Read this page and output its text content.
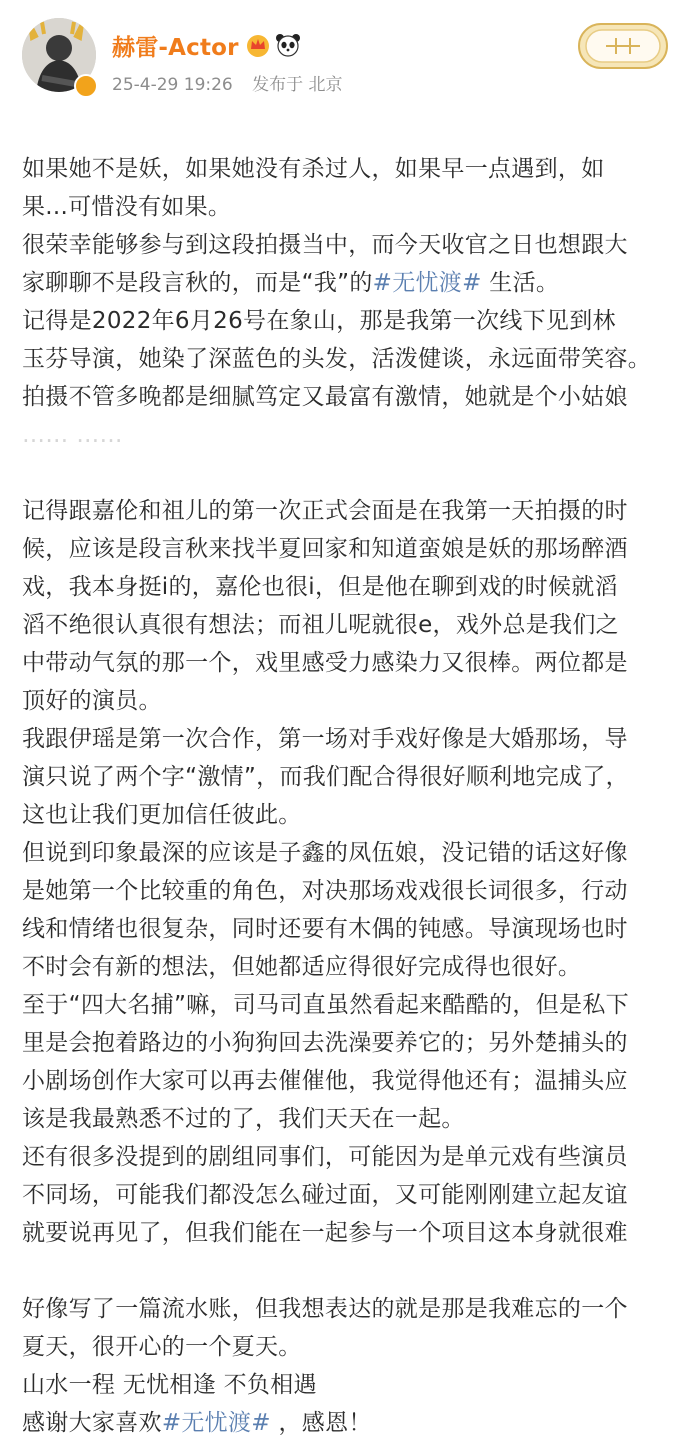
赫雷-Actor
25-4-29 19:26 发布于 北京
如果她不是妖，如果她没有杀过人，如果早一点遇到，如
果...可惜没有如果。
很荣幸能够参与到这段拍摄当中，而今天收官之日也想跟大
家聊聊不是段言秋的，而是“我”的#无忧渡# 生活。
记得是2022年6月26号在象山，那是我第一次线下见到林
玉芬导演，她染了深蓝色的头发，活泼健谈，永远面带笑容。
拍摄不管多晚都是细腻笃定又最富有激情，她就是个小姑娘
…… ……
记得跟嘉伦和祖儿的第一次正式会面是在我第一天拍摄的时
候，应该是段言秋来找半夏回家和知道蛮娘是妖的那场醉酒
戏，我本身挺i的，嘉伦也很i，但是他在聊到戏的时候就滔
滔不绝很认真很有想法；而祖儿呢就很e，戏外总是我们之
中带动气氛的那一个，戏里感受力感染力又很棒。两位都是
顶好的演员。
我跟伊瑶是第一次合作，第一场对手戏好像是大婚那场，导
演只说了两个字“激情”，而我们配合得很好顺利地完成了，
这也让我们更加信任彼此。
但说到印象最深的应该是子鑫的凤伍娘，没记错的话这好像
是她第一个比较重的角色，对决那场戏戏很长词很多，行动
线和情绪也很复杂，同时还要有木偶的钝感。导演现场也时
不时会有新的想法，但她都适应得很好完成得也很好。
至于“四大名捕”嘛，司马司直虽然看起来酷酷的，但是私下
里是会抱着路边的小狗狗回去洗澡要养它的；另外楚捕头的
小剧场创作大家可以再去催催他，我觉得他还有；温捕头应
该是我最熟悉不过的了，我们天天在一起。
还有很多没提到的剧组同事们，可能因为是单元戏有些演员
不同场，可能我们都没怎么碰过面，又可能刚刚建立起友谊
就要说再见了，但我们能在一起参与一个项目这本身就很难
好像写了一篇流水账，但我想表达的就是那是我难忘的一个
夏天，很开心的一个夏天。
山水一程 无忧相逢 不负相遇
感谢大家喜欢#无忧渡# ，感恩！
